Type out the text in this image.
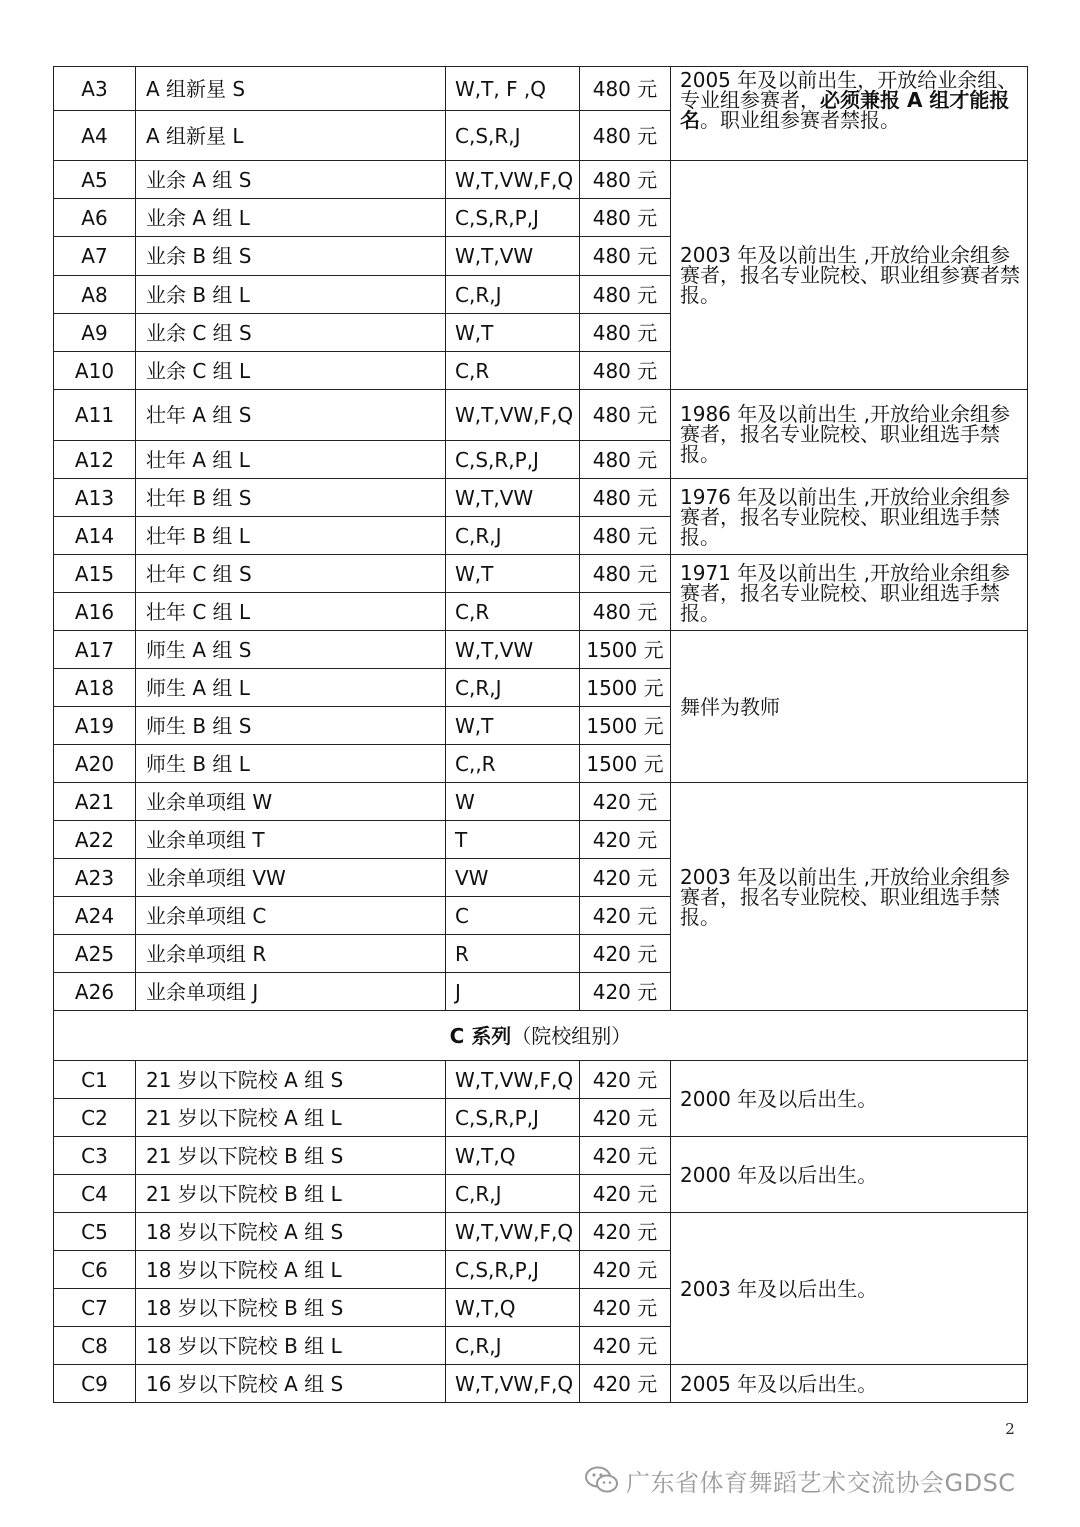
A3	A 组新星 S	W,T, F ,Q	480 元	2005 年及以前出生，开放给业余组、专业组参赛者，必须兼报 A 组才能报名。职业组参赛者禁报。
A4	A 组新星 L	C,S,R,J	480 元	
A5	业余 A 组 S	W,T,VW,F,Q	480 元	2003 年及以前出生 ,开放给业余组参赛者，报名专业院校、职业组参赛者禁报。
A6	业余 A 组 L	C,S,R,P,J	480 元	
A7	业余 B 组 S	W,T,VW	480 元	
A8	业余 B 组 L	C,R,J	480 元	
A9	业余 C 组 S	W,T	480 元	
A10	业余 C 组 L	C,R	480 元	
A11	壮年 A 组 S	W,T,VW,F,Q	480 元	1986 年及以前出生 ,开放给业余组参赛者，报名专业院校、职业组选手禁报。
A12	壮年 A 组 L	C,S,R,P,J	480 元	
A13	壮年 B 组 S	W,T,VW	480 元	1976 年及以前出生 ,开放给业余组参赛者，报名专业院校、职业组选手禁报。
A14	壮年 B 组 L	C,R,J	480 元	
A15	壮年 C 组 S	W,T	480 元	1971 年及以前出生 ,开放给业余组参赛者，报名专业院校、职业组选手禁报。
A16	壮年 C 组 L	C,R	480 元	
A17	师生 A 组 S	W,T,VW	1500 元	舞伴为教师
A18	师生 A 组 L	C,R,J	1500 元	
A19	师生 B 组 S	W,T	1500 元	
A20	师生 B 组 L	C,,R	1500 元	
A21	业余单项组 W	W	420 元	2003 年及以前出生 ,开放给业余组参赛者，报名专业院校、职业组选手禁报。
A22	业余单项组 T	T	420 元	
A23	业余单项组 VW	VW	420 元	
A24	业余单项组 C	C	420 元	
A25	业余单项组 R	R	420 元	
A26	业余单项组 J	J	420 元	
C 系列（院校组别）				
C1	21 岁以下院校 A 组 S	W,T,VW,F,Q	420 元	2000 年及以后出生。
C2	21 岁以下院校 A 组 L	C,S,R,P,J	420 元	
C3	21 岁以下院校 B 组 S	W,T,Q	420 元	2000 年及以后出生。
C4	21 岁以下院校 B 组 L	C,R,J	420 元	
C5	18 岁以下院校 A 组 S	W,T,VW,F,Q	420 元	2003 年及以后出生。
C6	18 岁以下院校 A 组 L	C,S,R,P,J	420 元	
C7	18 岁以下院校 B 组 S	W,T,Q	420 元	
C8	18 岁以下院校 B 组 L	C,R,J	420 元	
C9	16 岁以下院校 A 组 S	W,T,VW,F,Q	420 元	2005 年及以后出生。
2
广东省体育舞蹈艺术交流协会GDSC
